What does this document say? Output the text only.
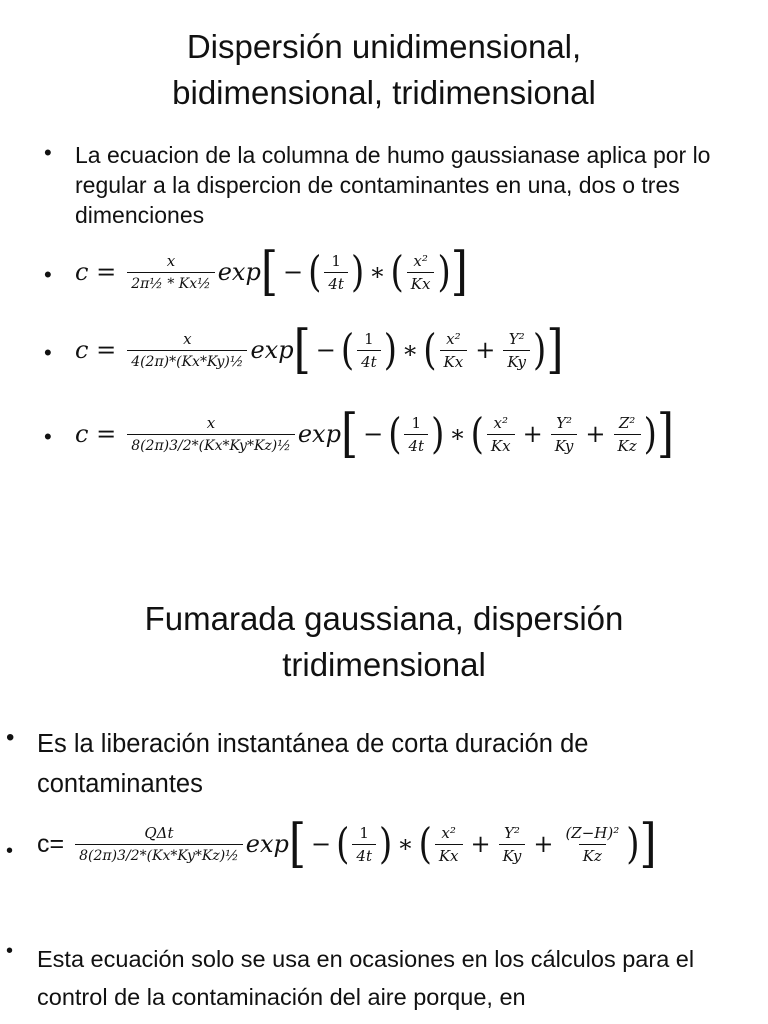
Dispersión unidimensional,
bidimensional, tridimensional
• La ecuacion de la columna de humo gaussianase aplica por lo regular a la dispercion de contaminantes en una, dos o tres dimenciones
• $c = \frac{x}{\text{2π½ * Kx½}}$ exp [ − ( $\frac{1}{4t}$ ) ∗ ( $\frac{\text{x²}}{Kx}$ ) ]
• $c = \frac{x}{\text{4(2π)*(Kx*Ky)½}}$ exp [ − ( $\frac{1}{4t}$ ) ∗ ( $\frac{\text{x²}}{Kx} + \frac{\text{Y²}}{Ky}$ ) ]
• $c = \frac{x}{\text{8(2π)3/2*(Kx*Ky*Kz)½}}$ exp [ − ( $\frac{1}{4t}$ ) ∗ ( $\frac{\text{x²}}{Kx} + \frac{\text{Y²}}{Ky} + \frac{\text{Z²}}{Kz}$ ) ]
Fumarada gaussiana, dispersión
tridimensional
• Es la liberación instantánea de corta duración de contaminantes
• $c= \frac{\text{QΔt}}{\text{8(2π)3/2*(Kx*Ky*Kz)½}}$ exp [ − ( $\frac{1}{4t}$ ) ∗ ( $\frac{\text{x²}}{Kx} + \frac{\text{Y²}}{Ky} + \frac{\text{(Z−H)²}}{Kz}$ ) ]
• Esta ecuación solo se usa en ocasiones en los cálculos para el control de la contaminación del aire porque, en
